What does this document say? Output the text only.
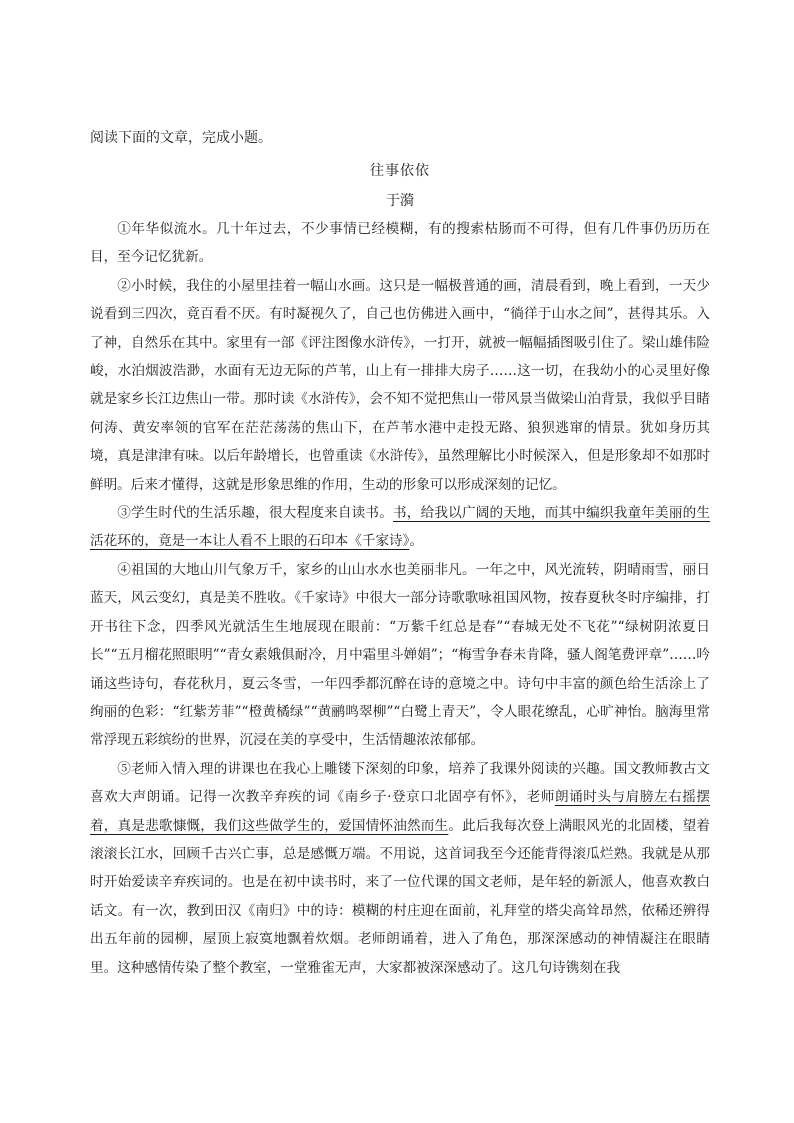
阅读下面的文章，完成小题。
往事依依
于漪

①年华似流水。几十年过去，不少事情已经模糊，有的搜索枯肠而不可得，但有几件事仍历历在目，至今记忆犹新。

②小时候，我住的小屋里挂着一幅山水画。这只是一幅极普通的画，清晨看到，晚上看到，一天少说看到三四次，竟百看不厌。有时凝视久了，自己也仿佛进入画中，“徜徉于山水之间”，甚得其乐。入了神，自然乐在其中。家里有一部《评注图像水浒传》，一打开，就被一幅幅插图吸引住了。梁山雄伟险峻，水泊烟波浩渺，水面有无边无际的芦苇，山上有一排排大房子……这一切，在我幼小的心灵里好像就是家乡长江边焦山一带。那时读《水浒传》，会不知不觉把焦山一带风景当做梁山泊背景，我似乎目睹何涛、黄安率领的官军在茫茫荡荡的焦山下，在芦苇水港中走投无路、狼狈逃窜的情景。犹如身历其境，真是津津有味。以后年龄增长，也曾重读《水浒传》，虽然理解比小时候深入，但是形象却不如那时鲜明。后来才懂得，这就是形象思维的作用，生动的形象可以形成深刻的记忆。

③学生时代的生活乐趣，很大程度来自读书。书，给我以广阔的天地，而其中编织我童年美丽的生活花环的，竟是一本让人看不上眼的石印本《千家诗》。

④祖国的大地山川气象万千，家乡的山山水水也美丽非凡。一年之中，风光流转，阴晴雨雪，丽日蓝天，风云变幻，真是美不胜收。《千家诗》中很大一部分诗歌歌咏祖国风物，按春夏秋冬时序编排，打开书往下念，四季风光就活生生地展现在眼前：“万紫千红总是春”“春城无处不飞花”“绿树阴浓夏日长”“五月榴花照眼明”“青女素娥俱耐冷，月中霜里斗婵娟”；“梅雪争春未肯降，骚人阁笔费评章”……吟诵这些诗句，春花秋月，夏云冬雪，一年四季都沉醉在诗的意境之中。诗句中丰富的颜色给生活涂上了绚丽的色彩：“红紫芳菲”“橙黄橘绿”“黄鹂鸣翠柳”“白鹭上青天”，令人眼花缭乱，心旷神怡。脑海里常常浮现五彩缤纷的世界，沉浸在美的享受中，生活情趣浓浓郁郁。

⑤老师入情入理的讲课也在我心上雕镂下深刻的印象，培养了我课外阅读的兴趣。国文教师教古文喜欢大声朗诵。记得一次教辛弃疾的词《南乡子·登京口北固亭有怀》，老师朗诵时头与肩膀左右摇摆着，真是悲歌慷慨，我们这些做学生的，爱国情怀油然而生。此后我每次登上满眼风光的北固楼，望着滚滚长江水，回顾千古兴亡事，总是感慨万端。不用说，这首词我至今还能背得滚瓜烂熟。我就是从那时开始爱读辛弃疾词的。也是在初中读书时，来了一位代课的国文老师，是年轻的新派人，他喜欢教白话文。有一次，教到田汉《南归》中的诗：模糊的村庄迎在面前，礼拜堂的塔尖高耸昂然，依稀还辨得出五年前的园柳，屋顶上寂寞地飘着炊烟。老师朗诵着，进入了角色，那深深感动的神情凝注在眼睛里。这种感情传染了整个教室，一堂雅雀无声，大家都被深深感动了。这几句诗镌刻在我
